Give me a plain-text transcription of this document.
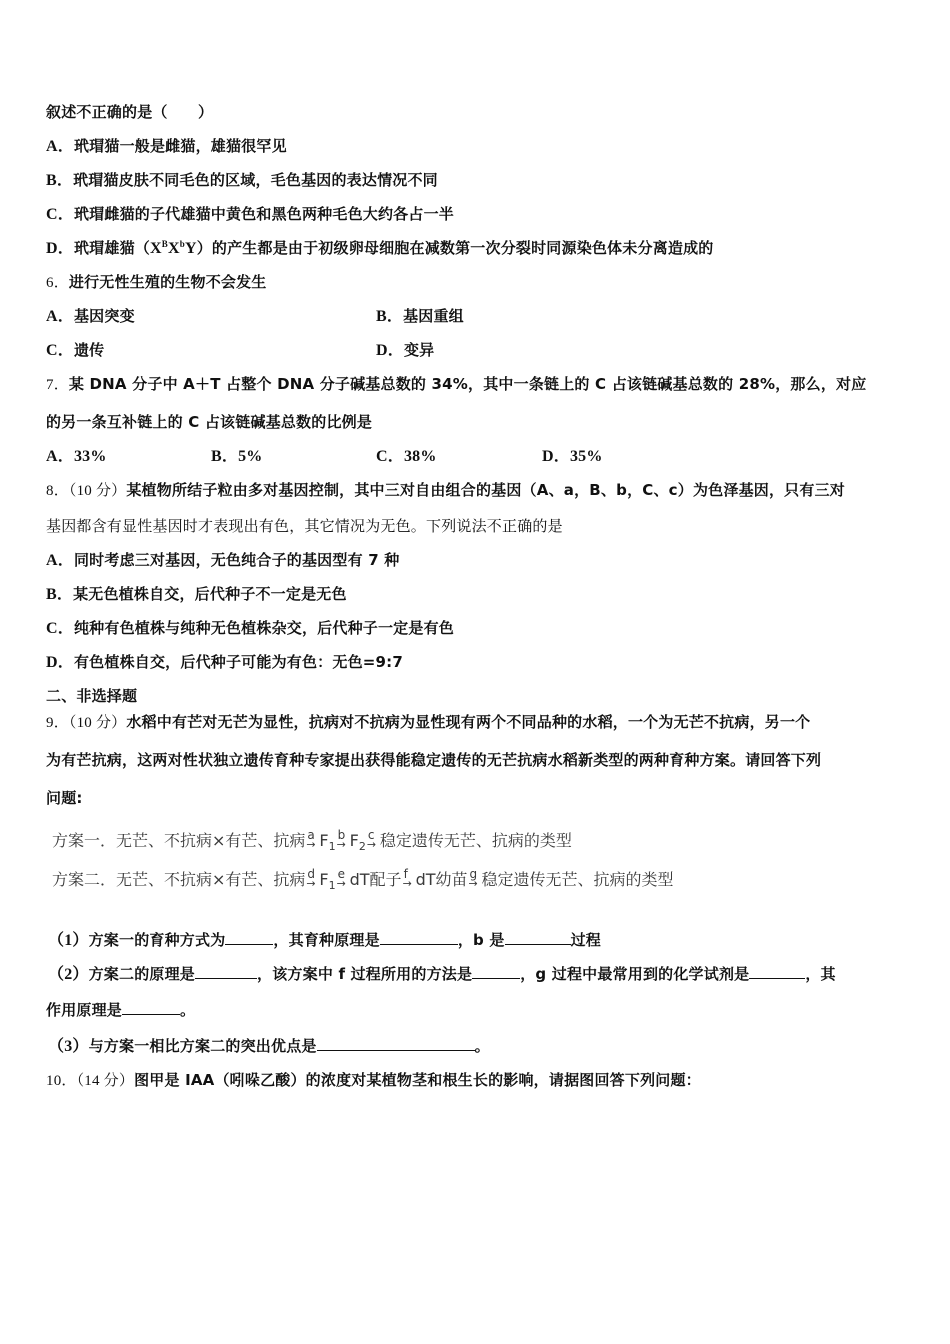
叙述不正确的是（　　）
A．玳瑁猫一般是雌猫，雄猫很罕见
B．玳瑁猫皮肤不同毛色的区域，毛色基因的表达情况不同
C．玳瑁雌猫的子代雄猫中黄色和黑色两种毛色大约各占一半
D．玳瑁雄猫$(X^BX^bY)$的产生都是由于初级卵母细胞在减数第一次分裂时同源染色体未分离造成的
6．进行无性生殖的生物不会发生
A．基因突变	B．基因重组
C．遗传	D．变异
7．某 DNA 分子中 A＋T 占整个 DNA 分子碱基总数的 34%，其中一条链上的 C 占该链碱基总数的 28%，那么，对应
的另一条互补链上的 C 占该链碱基总数的比例是
A．33%	B．5%	C．38%	D．35%
8．（10 分）某植物所结子粒由多对基因控制，其中三对自由组合的基因（A、a，B、b，C、c）为色泽基因，只有三对
基因都含有显性基因时才表现出有色，其它情况为无色。下列说法不正确的是
A．同时考虑三对基因，无色纯合子的基因型有 7 种
B．某无色植株自交，后代种子不一定是无色
C．纯种有色植株与纯种无色植株杂交，后代种子一定是有色
D．有色植株自交，后代种子可能为有色：无色=9:7
二、非选择题
9．（10 分）水稻中有芒对无芒为显性，抗病对不抗病为显性现有两个不同品种的水稻，一个为无芒不抗病，另一个
为有芒抗病，这两对性状独立遗传育种专家提出获得能稳定遗传的无芒抗病水稻新类型的两种育种方案。请回答下列
问题:
方案一．无芒、不抗病×有芒、抗病 a
→ $F_1$
b
→ $F_2$
c
→ 稳定遗传无芒、抗病的类型
方案二．无芒、不抗病×有芒、抗病 d
→ $F_1$
e
→ dT配子 f
→ dT幼苗 g
→ 稳定遗传无芒、抗病的类型
（1）方案一的育种方式为	，其育种原理是	，b 是	过程
（2）方案二的原理是	，该方案中 f 过程所用的方法是	，g 过程中最常用到的化学试剂是	，其
作用原理是	。
（3）与方案一相比方案二的突出优点是	。
10．（14 分）图甲是 IAA（吲哚乙酸）的浓度对某植物茎和根生长的影响，请据图回答下列问题：
